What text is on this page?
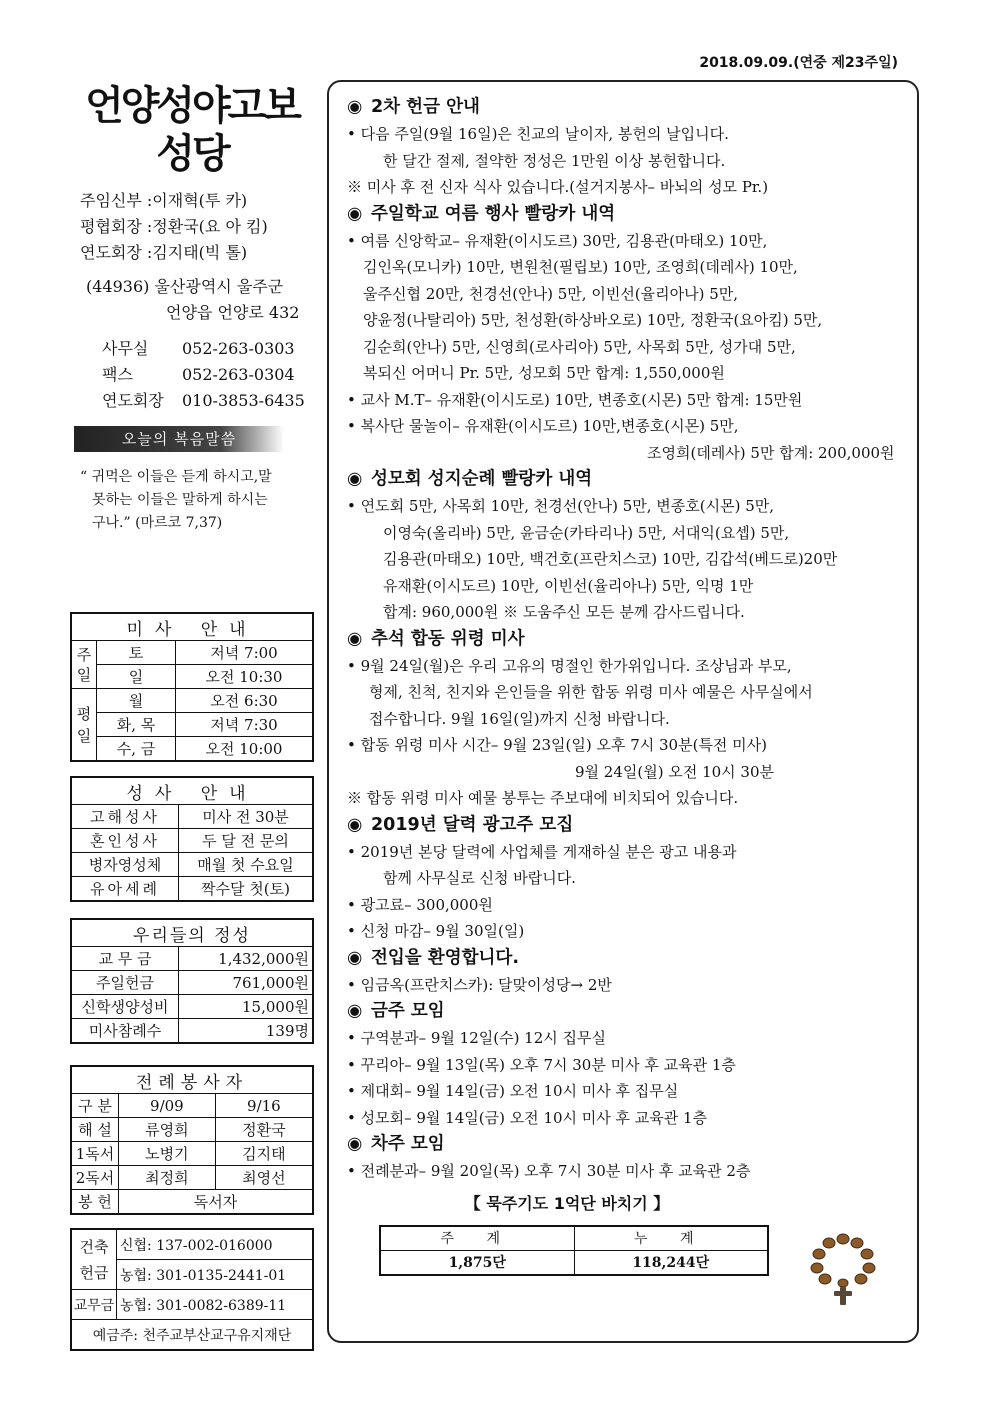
2018.09.09.(연중 제23주일)
언양성야고보
성당
주임신부 :이재혁(투 카)
평협회장 :정환국(요 아 킴)
연도회장 :김지태(빅 톨)
(44936) 울산광역시 울주군
언양읍 언양로 432
사무실 052-263-0303
팩스	052-263-0304
연도회장 010-3853-6435
오늘의 복음말씀
“ 귀먹은 이들은 듣게 하시고,말
못하는 이들은 말하게 하시는
구나.” (마르코 7,37)
미사 안내		
주일	토	저녁 7:00
	일	오전 10:30
평일	월	오전 6:30
	화, 목	저녁 7:30
	수, 금	오전 10:00
성사 안내	
고해성사	미사 전 30분
혼인성사	두 달 전 문의
병자영성체	매월 첫 수요일
유아세례	짝수달 첫(토)
우리들의 정성	
교 무 금	1,432,000원
주일헌금	761,000원
신학생양성비	15,000원
미사참례수	139명
전례봉사자		
구 분	9/09	9/16
해 설	류영희	정환국
1독서	노병기	김지태
2독서	최정희	최영선
봉 헌	독서자	
건축헌금	신협: 137-002-016000
	농협: 301-0135-2441-01
교무금	농협: 301-0082-6389-11
예금주: 천주교부산교구유지재단	
◉ 2차 헌금 안내
• 다음 주일(9월 16일)은 친교의 날이자, 봉헌의 날입니다.
한 달간 절제, 절약한 정성은 1만원 이상 봉헌합니다.
※ 미사 후 전 신자 식사 있습니다.(설거지봉사– 바뇌의 성모 Pr.)
◉ 주일학교 여름 행사 빨랑카 내역
• 여름 신앙학교– 유재환(이시도르) 30만, 김용관(마태오) 10만,
김인옥(모니카) 10만, 변원천(필립보) 10만, 조영희(데레사) 10만,
울주신협 20만, 천경선(안나) 5만, 이빈선(율리아나) 5만,
양윤정(나탈리아) 5만, 천성환(하상바오로) 10만, 정환국(요아킴) 5만,
김순희(안나) 5만, 신영희(로사리아) 5만, 사목회 5만, 성가대 5만,
복되신 어머니 Pr. 5만, 성모회 5만 합계: 1,550,000원
• 교사 M.T– 유재환(이시도로) 10만, 변종호(시몬) 5만 합계: 15만원
• 복사단 물놀이– 유재환(이시도르) 10만,변종호(시몬) 5만,
조영희(데레사) 5만 합계: 200,000원
◉ 성모회 성지순례 빨랑카 내역
• 연도회 5만, 사목회 10만, 천경선(안나) 5만, 변종호(시몬) 5만,
이영숙(올리바) 5만, 윤금순(카타리나) 5만, 서대익(요셉) 5만,
김용관(마태오) 10만, 백건호(프란치스코) 10만, 김갑석(베드로)20만
유재환(이시도르) 10만, 이빈선(율리아나) 5만, 익명 1만
합계: 960,000원 ※ 도움주신 모든 분께 감사드립니다.
◉ 추석 합동 위령 미사
• 9월 24일(월)은 우리 고유의 명절인 한가위입니다. 조상님과 부모,
형제, 친척, 친지와 은인들을 위한 합동 위령 미사 예물은 사무실에서
접수합니다. 9월 16일(일)까지 신청 바랍니다.
• 합동 위령 미사 시간– 9월 23일(일) 오후 7시 30분(특전 미사)
9월 24일(월) 오전 10시 30분
※ 합동 위령 미사 예물 봉투는 주보대에 비치되어 있습니다.
◉ 2019년 달력 광고주 모집
• 2019년 본당 달력에 사업체를 게재하실 분은 광고 내용과
함께 사무실로 신청 바랍니다.
• 광고료– 300,000원
• 신청 마감– 9월 30일(일)
◉ 전입을 환영합니다.
• 임금옥(프란치스카): 달맞이성당→ 2반
◉ 금주 모임
• 구역분과– 9월 12일(수) 12시 집무실
• 꾸리아– 9월 13일(목) 오후 7시 30분 미사 후 교육관 1층
• 제대회– 9월 14일(금) 오전 10시 미사 후 집무실
• 성모회– 9월 14일(금) 오전 10시 미사 후 교육관 1층
◉ 차주 모임
• 전례분과– 9월 20일(목) 오후 7시 30분 미사 후 교육관 2층
【 묵주기도 1억단 바치기 】
주 계	누 계
1,875단	118,244단
